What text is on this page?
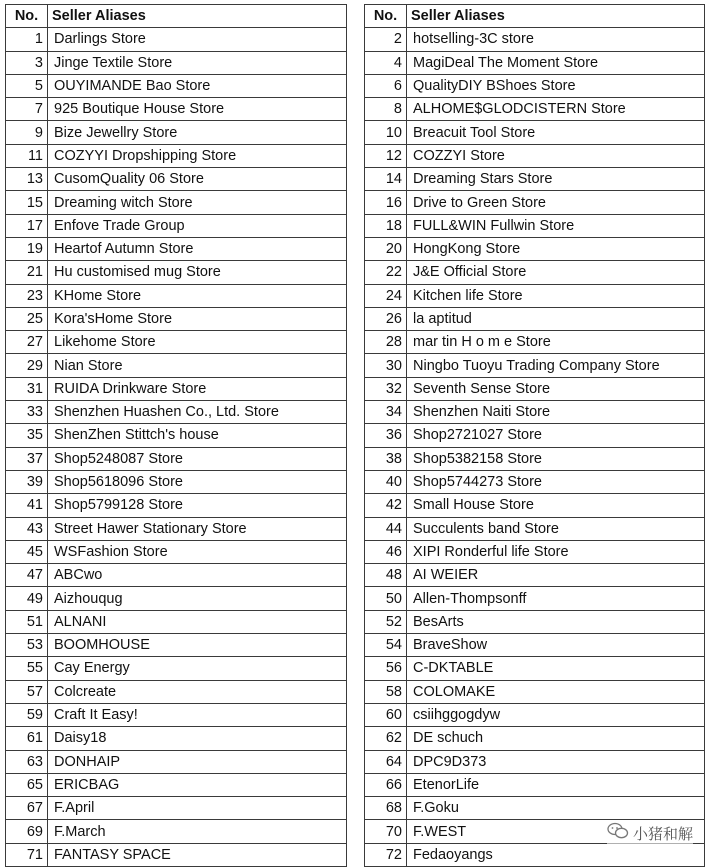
No.	Seller Aliases
1	Darlings Store
3	Jinge Textile Store
5	OUYIMANDE Bao Store
7	925 Boutique House Store
9	Bize Jewellry Store
11	COZYYI Dropshipping Store
13	CusomQuality 06 Store
15	Dreaming witch Store
17	Enfove Trade Group
19	Heartof Autumn Store
21	Hu customised mug Store
23	KHome Store
25	Kora'sHome Store
27	Likehome Store
29	Nian Store
31	RUIDA Drinkware Store
33	Shenzhen Huashen Co., Ltd. Store
35	ShenZhen Stittch's house
37	Shop5248087 Store
39	Shop5618096 Store
41	Shop5799128 Store
43	Street Hawer Stationary Store
45	WSFashion Store
47	ABCwo
49	Aizhouqug
51	ALNANI
53	BOOMHOUSE
55	Cay Energy
57	Colcreate
59	Craft It Easy!
61	Daisy18
63	DONHAIP
65	ERICBAG
67	F.April
69	F.March
71	FANTASY SPACE
No.	Seller Aliases
2	hotselling-3C store
4	MagiDeal The Moment Store
6	QualityDIY BShoes Store
8	ALHOME$GLODCISTERN Store
10	Breacuit Tool Store
12	COZZYI Store
14	Dreaming Stars Store
16	Drive to Green Store
18	FULL&WIN Fullwin Store
20	HongKong Store
22	J&E Official Store
24	Kitchen life Store
26	la aptitud
28	mar tin H o m e Store
30	Ningbo Tuoyu Trading Company Store
32	Seventh Sense Store
34	Shenzhen Naiti Store
36	Shop2721027 Store
38	Shop5382158 Store
40	Shop5744273 Store
42	Small House Store
44	Succulents band Store
46	XIPI Ronderful life Store
48	AI WEIER
50	Allen-Thompsonff
52	BesArts
54	BraveShow
56	C-DKTABLE
58	COLOMAKE
60	csiihggogdyw
62	DE schuch
64	DPC9D373
66	EtenorLife
68	F.Goku
70	F.WEST
72	Fedaoyangs
小猪和解
